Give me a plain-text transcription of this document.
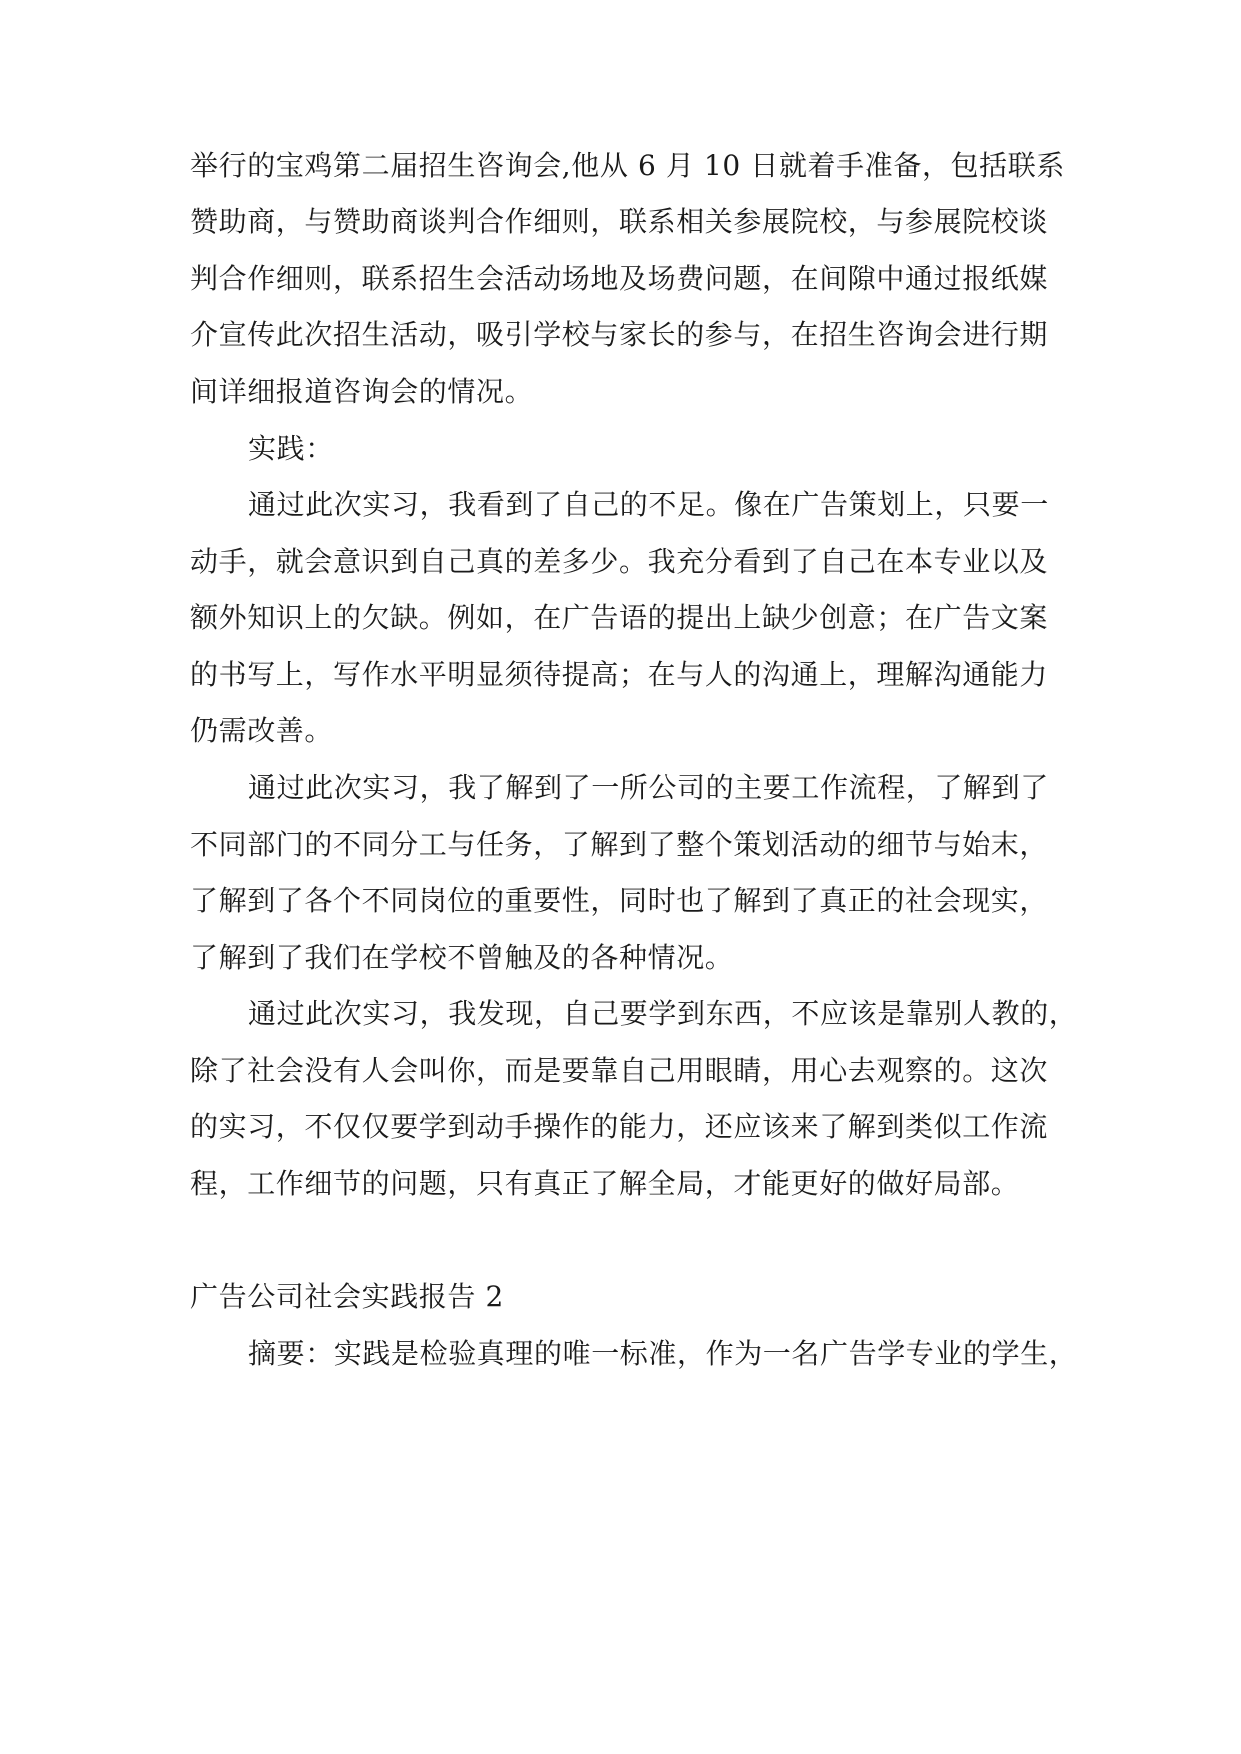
举行的宝鸡第二届招生咨询会,他从 6 月 10 日就着手准备，包括联系
赞助商，与赞助商谈判合作细则，联系相关参展院校，与参展院校谈
判合作细则，联系招生会活动场地及场费问题，在间隙中通过报纸媒
介宣传此次招生活动，吸引学校与家长的参与，在招生咨询会进行期
间详细报道咨询会的情况。
实践：
通过此次实习，我看到了自己的不足。像在广告策划上，只要一
动手，就会意识到自己真的差多少。我充分看到了自己在本专业以及
额外知识上的欠缺。例如，在广告语的提出上缺少创意；在广告文案
的书写上，写作水平明显须待提高；在与人的沟通上，理解沟通能力
仍需改善。
通过此次实习，我了解到了一所公司的主要工作流程，了解到了
不同部门的不同分工与任务，了解到了整个策划活动的细节与始末，
了解到了各个不同岗位的重要性，同时也了解到了真正的社会现实，
了解到了我们在学校不曾触及的各种情况。
通过此次实习，我发现，自己要学到东西，不应该是靠别人教的，
除了社会没有人会叫你，而是要靠自己用眼睛，用心去观察的。这次
的实习，不仅仅要学到动手操作的能力，还应该来了解到类似工作流
程，工作细节的问题，只有真正了解全局，才能更好的做好局部。
广告公司社会实践报告 2
摘要：实践是检验真理的唯一标准，作为一名广告学专业的学生，
